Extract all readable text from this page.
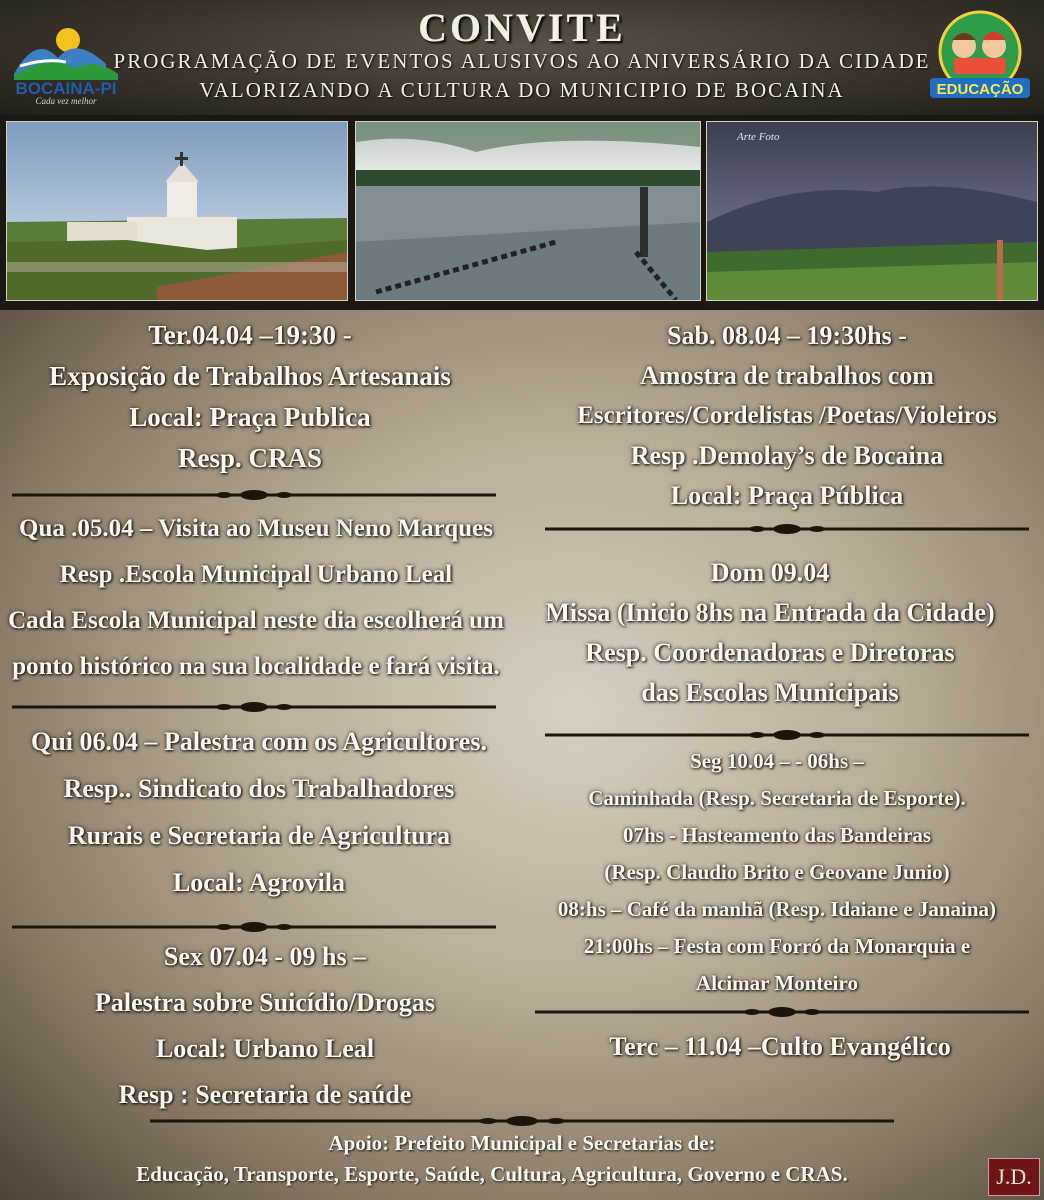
BOCAINA-PI
Cada vez melhor
CONVITE
PROGRAMAÇÃO DE EVENTOS ALUSIVOS AO ANIVERSÁRIO DA CIDADE
VALORIZANDO A CULTURA DO MUNICIPIO DE BOCAINA	EDUCAÇÃO
Arte Foto
Ter.04.04 –19:30 -
Exposição de Trabalhos Artesanais
Local: Praça Publica
Resp. CRAS
Qua .05.04 – Visita ao Museu Neno Marques
Resp .Escola Municipal Urbano Leal
Cada Escola Municipal neste dia escolherá um
ponto histórico na sua localidade e fará visita.
Qui 06.04 – Palestra com os Agricultores.
Resp.. Sindicato dos Trabalhadores
Rurais e Secretaria de Agricultura
Local: Agrovila
Sex 07.04 - 09 hs –
Palestra sobre Suicídio/Drogas
Local: Urbano Leal
Resp : Secretaria de saúde
Sab. 08.04 – 19:30hs -
Amostra de trabalhos com
Escritores/Cordelistas /Poetas/Violeiros
Resp .Demolay’s de Bocaina
Local: Praça Pública
Dom 09.04
Missa (Inicio 8hs na Entrada da Cidade)
Resp. Coordenadoras e Diretoras
das Escolas Municipais
Seg 10.04 – - 06hs –
Caminhada (Resp. Secretaria de Esporte).
07hs - Hasteamento das Bandeiras
(Resp. Claudio Brito e Geovane Junio)
08:hs – Café da manhã (Resp. Idaiane e Janaina)
21:00hs – Festa com Forró da Monarquia e
Alcimar Monteiro
Terc – 11.04 –Culto Evangélico
Apoio: Prefeito Municipal e Secretarias de:
Educação, Transporte, Esporte, Saúde, Cultura, Agricultura, Governo e CRAS.	J.D.
